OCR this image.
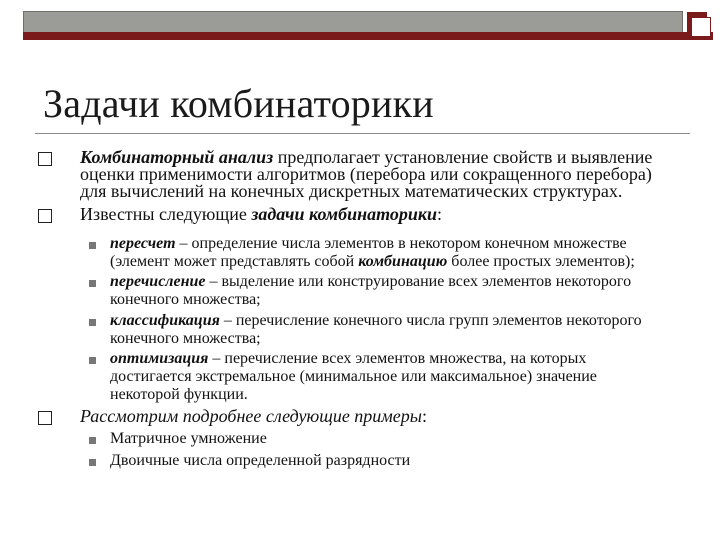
Задачи комбинаторики
Комбинаторный анализ предполагает установление свойств и выявление
оценки применимости алгоритмов (перебора или сокращенного перебора)
для вычислений на конечных дискретных математических структурах.
Известны следующие задачи комбинаторики:
пересчет – определение числа элементов в некотором конечном множестве
(элемент может представлять собой комбинацию более простых элементов);
перечисление – выделение или конструирование всех элементов некоторого
конечного множества;
классификация – перечисление конечного числа групп элементов некоторого
конечного множества;
оптимизация – перечисление всех элементов множества, на которых
достигается экстремальное (минимальное или максимальное) значение
некоторой функции.
Рассмотрим подробнее следующие примеры:
Матричное умножение
Двоичные числа определенной разрядности
